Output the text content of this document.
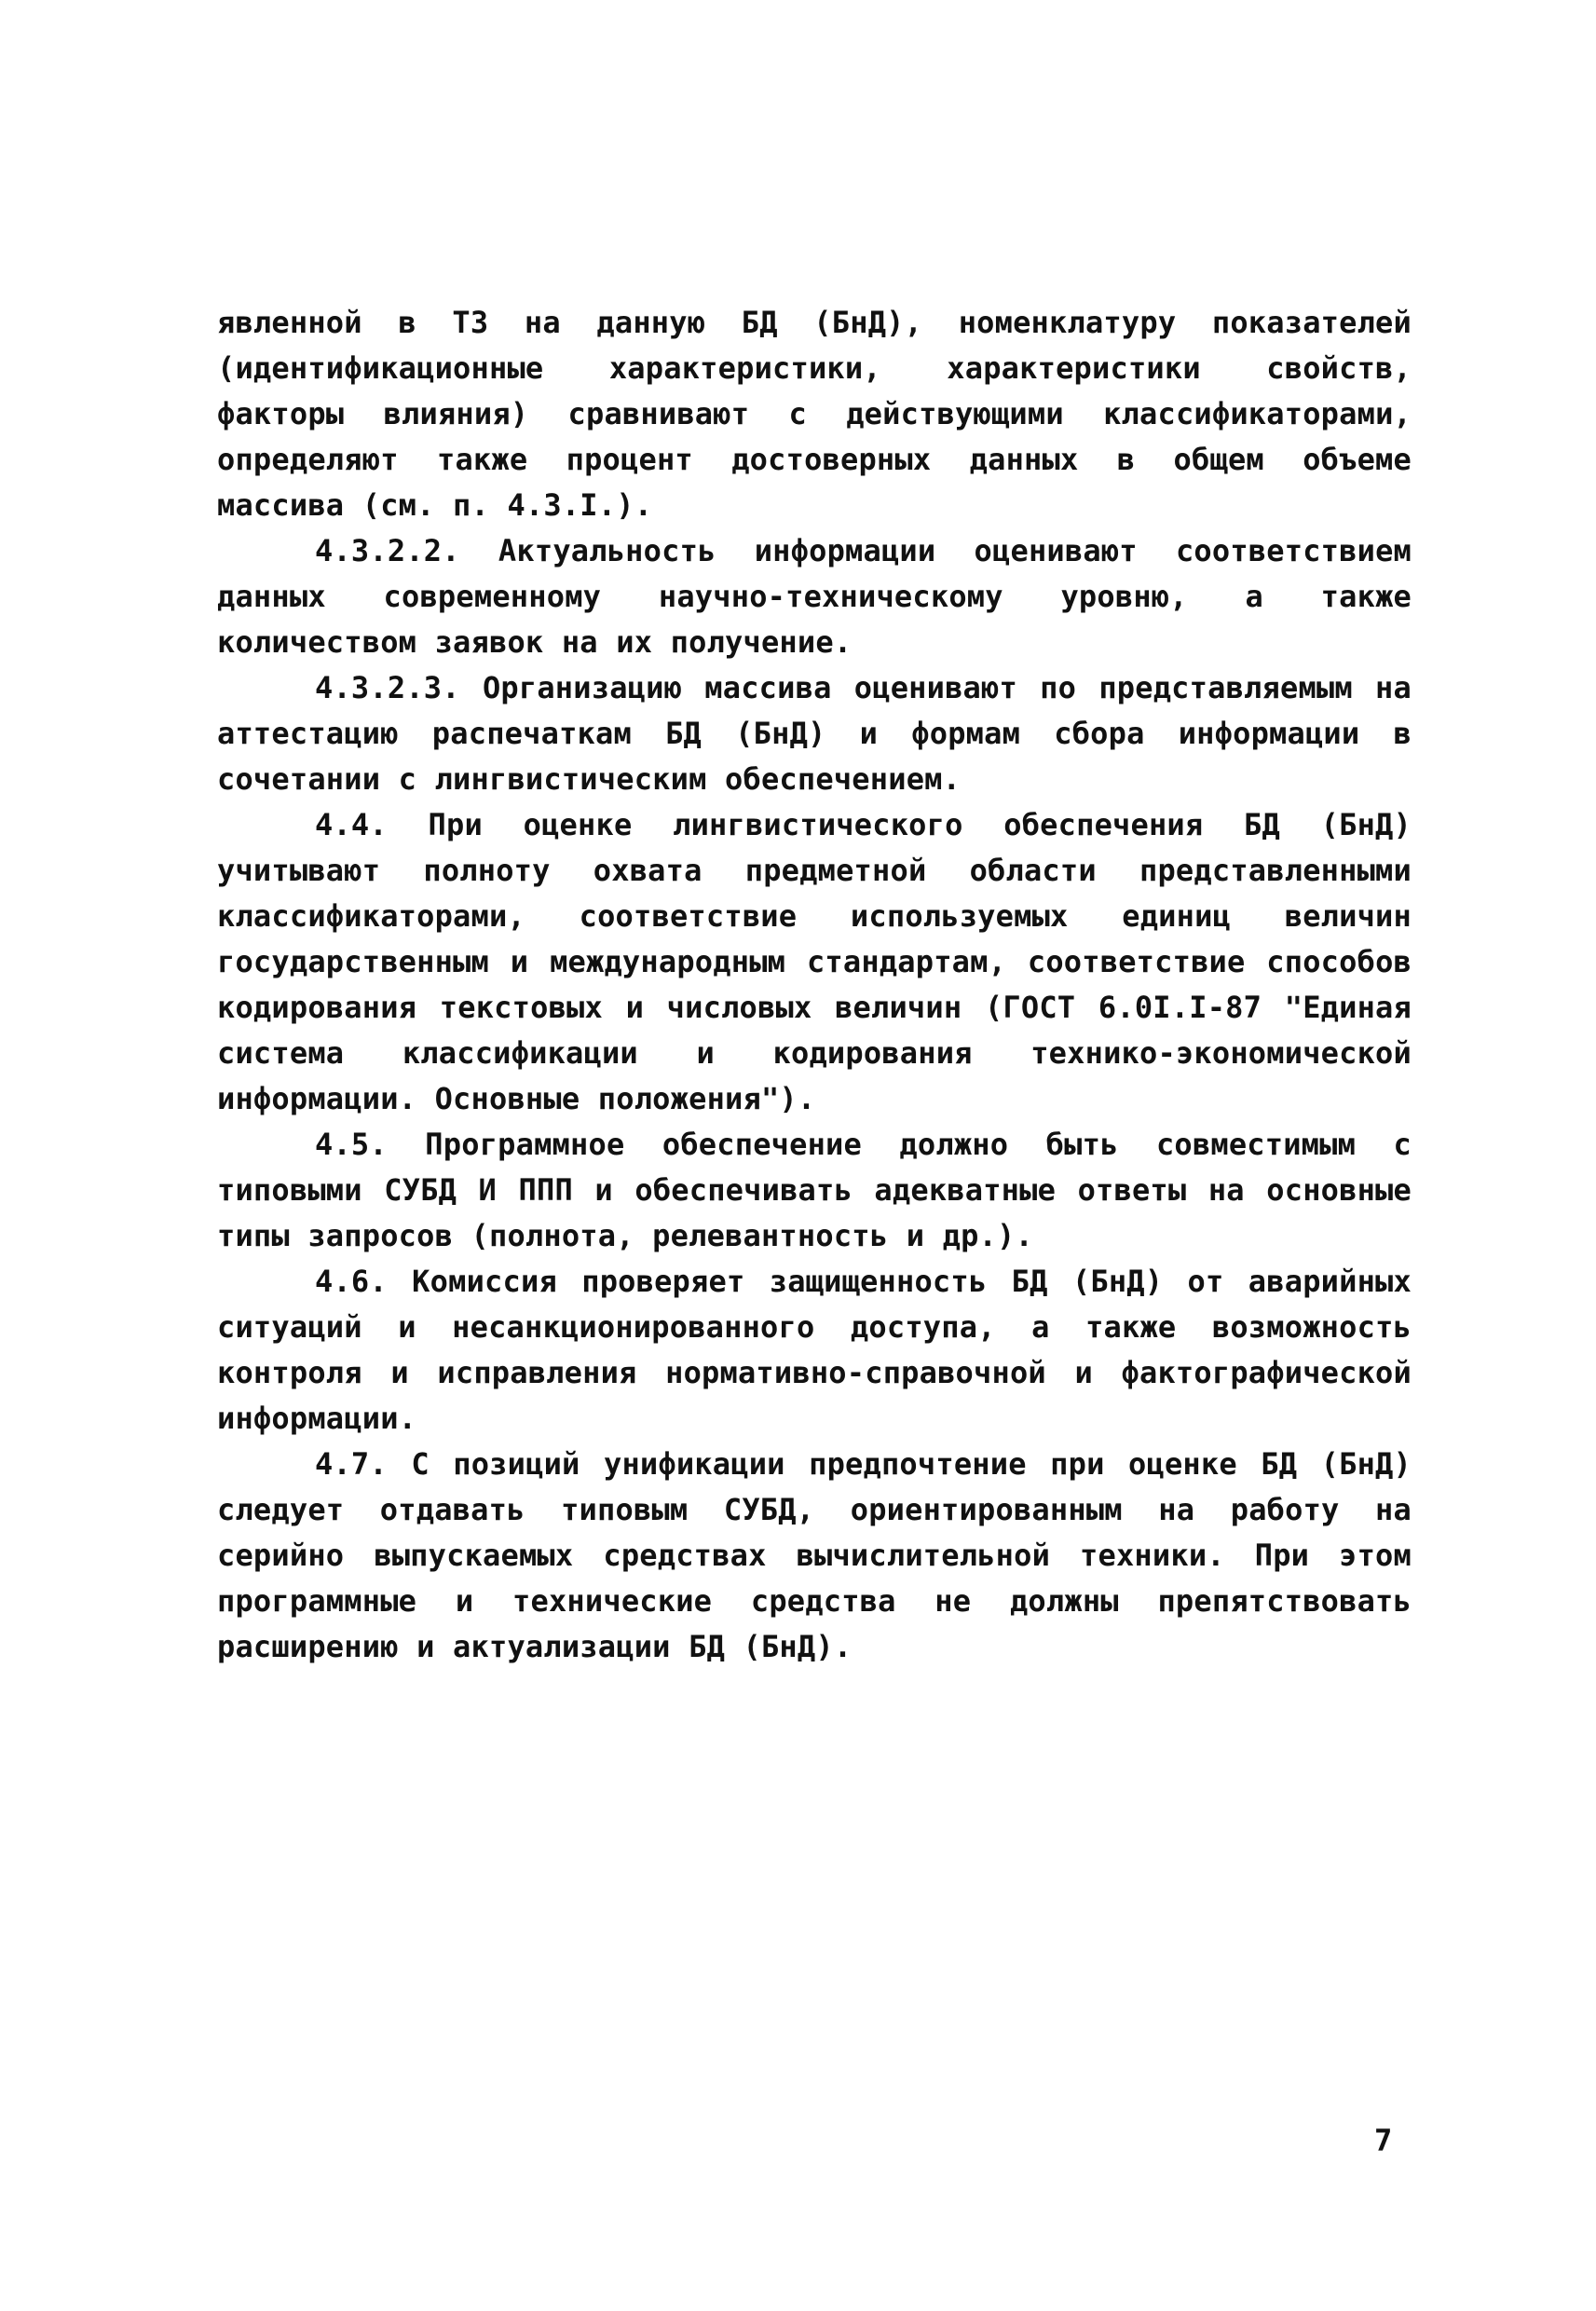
явленной в ТЗ на данную БД (БнД), номенклатуру показателей (идентификационные характеристики, характеристики свойств, факторы влияния) сравнивают с действующими классификаторами, определяют также процент достоверных данных в общем объеме массива (см. п. 4.3.I.).

4.3.2.2. Актуальность информации оценивают соответствием данных современному научно-техническому уровню, а также количеством заявок на их получение.

4.3.2.3. Организацию массива оценивают по представляемым на аттестацию распечаткам БД (БнД) и формам сбора информации в сочетании с лингвистическим обеспечением.

4.4. При оценке лингвистического обеспечения БД (БнД) учитывают полноту охвата предметной области представленными классификаторами, соответствие используемых единиц величин государственным и международным стандартам, соответствие способов кодирования текстовых и числовых величин (ГОСТ 6.0I.I-87 "Единая система классификации и кодирования технико-экономической информации. Основные положения").

4.5. Программное обеспечение должно быть совместимым с типовыми СУБД И ППП и обеспечивать адекватные ответы на основные типы запросов (полнота, релевантность и др.).

4.6. Комиссия проверяет защищенность БД (БнД) от аварийных ситуаций и несанкционированного доступа, а также возможность контроля и исправления нормативно-справочной и фактографической информации.

4.7. С позиций унификации предпочтение при оценке БД (БнД) следует отдавать типовым СУБД, ориентированным на работу на серийно выпускаемых средствах вычислительной техники. При этом программные и технические средства не должны препятствовать расширению и актуализации БД (БнД).

7
